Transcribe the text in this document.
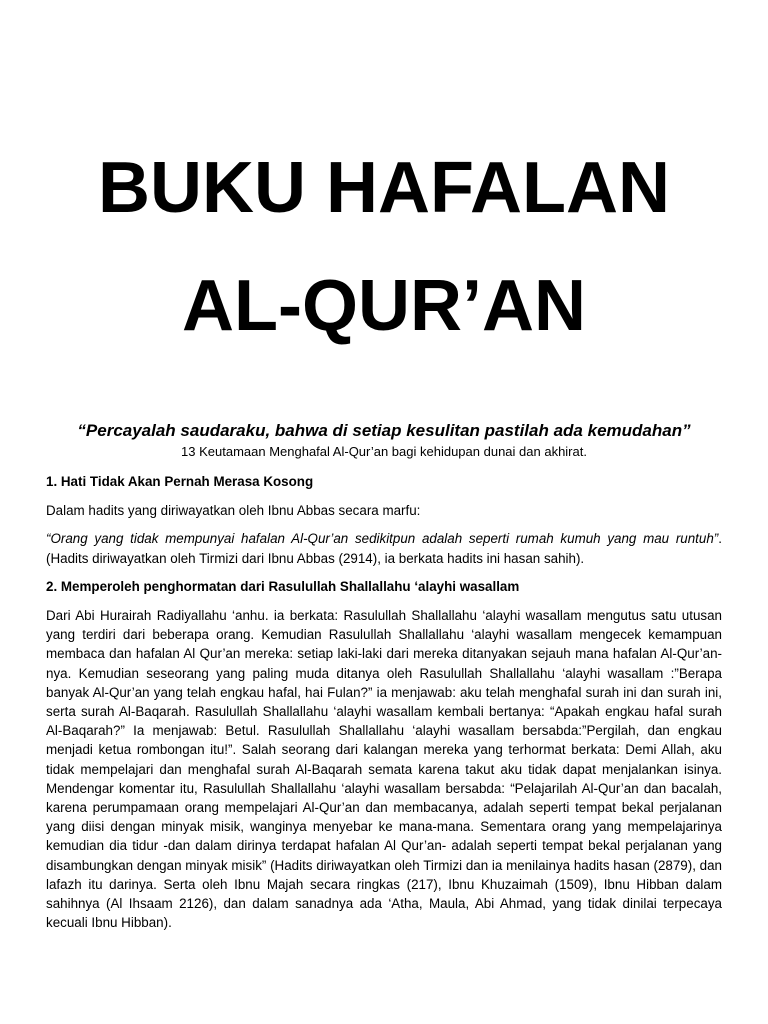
BUKU HAFALAN
AL-QUR’AN

“Percayalah saudaraku, bahwa di setiap kesulitan pastilah ada kemudahan”

13 Keutamaan Menghafal Al-Qur’an bagi kehidupan dunai dan akhirat.

1. Hati Tidak Akan Pernah Merasa Kosong

Dalam hadits yang diriwayatkan oleh Ibnu Abbas secara marfu:

“Orang yang tidak mempunyai hafalan Al-Qur’an sedikitpun adalah seperti rumah kumuh yang mau runtuh”. (Hadits diriwayatkan oleh Tirmizi dari Ibnu Abbas (2914), ia berkata hadits ini hasan sahih).

2. Memperoleh penghormatan dari Rasulullah Shallallahu ‘alayhi wasallam

Dari Abi Hurairah Radiyallahu ‘anhu. ia berkata: Rasulullah Shallallahu ‘alayhi wasallam mengutus satu utusan yang terdiri dari beberapa orang. Kemudian Rasulullah Shallallahu ‘alayhi wasallam mengecek kemampuan membaca dan hafalan Al Qur’an mereka: setiap laki-laki dari mereka ditanyakan sejauh mana hafalan Al-Qur’an-nya. Kemudian seseorang yang paling muda ditanya oleh Rasulullah Shallallahu ‘alayhi wasallam :”Berapa banyak Al-Qur’an yang telah engkau hafal, hai Fulan?” ia menjawab: aku telah menghafal surah ini dan surah ini, serta surah Al-Baqarah. Rasulullah Shallallahu ‘alayhi wasallam kembali bertanya: “Apakah engkau hafal surah Al-Baqarah?” Ia menjawab: Betul. Rasulullah Shallallahu ‘alayhi wasallam bersabda:”Pergilah, dan engkau menjadi ketua rombongan itu!”. Salah seorang dari kalangan mereka yang terhormat berkata: Demi Allah, aku tidak mempelajari dan menghafal surah Al-Baqarah semata karena takut aku tidak dapat menjalankan isinya. Mendengar komentar itu, Rasulullah Shallallahu ‘alayhi wasallam bersabda: “Pelajarilah Al-Qur’an dan bacalah, karena perumpamaan orang mempelajari Al-Qur’an dan membacanya, adalah seperti tempat bekal perjalanan yang diisi dengan minyak misik, wanginya menyebar ke mana-mana. Sementara orang yang mempelajarinya kemudian dia tidur -dan dalam dirinya terdapat hafalan Al Qur’an- adalah seperti tempat bekal perjalanan yang disambungkan dengan minyak misik” (Hadits diriwayatkan oleh Tirmizi dan ia menilainya hadits hasan (2879), dan lafazh itu darinya. Serta oleh Ibnu Majah secara ringkas (217), Ibnu Khuzaimah (1509), Ibnu Hibban dalam sahihnya (Al Ihsaam 2126), dan dalam sanadnya ada ‘Atha, Maula, Abi Ahmad, yang tidak dinilai terpecaya kecuali Ibnu Hibban).
